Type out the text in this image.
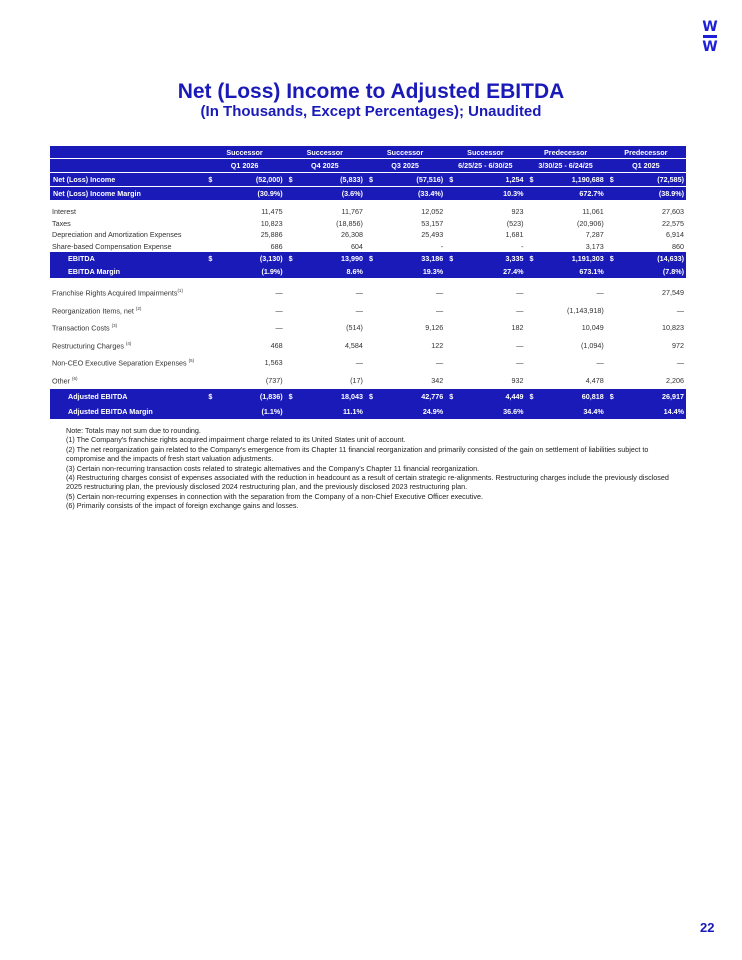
W
W
Net (Loss) Income to Adjusted EBITDA
(In Thousands, Except Percentages); Unaudited
	Successor		Successor		Successor		Successor		Predecessor		Predecessor	
	Q1 2026		Q4 2025		Q3 2025		6/25/25 - 6/30/25		3/30/25 - 6/24/25		Q1 2025	
Net (Loss) Income	$	(52,000)	$	(5,833)	$	(57,516)	$	1,254	$	1,190,688	$	(72,585)
Net (Loss) Income Margin		(30.9%)		(3.6%)		(33.4%)		10.3%		672.7%		(38.9%)

Interest		11,475		11,767		12,052		923		11,061		27,603
Taxes		10,823		(18,856)		53,157		(523)		(20,906)		22,575
Depreciation and Amortization Expenses		25,886		26,308		25,493		1,681		7,287		6,914
Share-based Compensation Expense		686		604		-		-		3,173		860
EBITDA	$	(3,130)	$	13,990	$	33,186	$	3,335	$	1,191,303	$	(14,633)
EBITDA Margin		(1.9%)		8.6%		19.3%		27.4%		673.1%		(7.8%)

Franchise Rights Acquired Impairments$^{(1)}$		—		—		—		—		—		27,549
Reorganization Items, net $^{(2)}$		—		—		—		—		(1,143,918)		—
Transaction Costs $^{(3)}$		—		(514)		9,126		182		10,049		10,823
Restructuring Charges $^{(4)}$		468		4,584		122		—		(1,094)		972
Non-CEO Executive Separation Expenses $^{(5)}$		1,563		—		—		—		—		—
Other $^{(6)}$		(737)		(17)		342		932		4,478		2,206
Adjusted EBITDA	$	(1,836)	$	18,043	$	42,776	$	4,449	$	60,818	$	26,917
Adjusted EBITDA Margin		(1.1%)		11.1%		24.9%		36.6%		34.4%		14.4%
Note: Totals may not sum due to rounding.
(1) The Company's franchise rights acquired impairment charge related to its United States unit of account.
(2) The net reorganization gain related to the Company's emergence from its Chapter 11 financial reorganization and primarily consisted of the gain on settlement of liabilities subject to compromise and the impacts of fresh start valuation adjustments.
(3) Certain non-recurring transaction costs related to strategic alternatives and the Company's Chapter 11 financial reorganization.
(4) Restructuring charges consist of expenses associated with the reduction in headcount as a result of certain strategic re-alignments. Restructuring charges include the previously disclosed 2025 restructuring plan, the previously disclosed 2024 restructuring plan, and the previously disclosed 2023 restructuring plan.
(5) Certain non-recurring expenses in connection with the separation from the Company of a non-Chief Executive Officer executive.
(6) Primarily consists of the impact of foreign exchange gains and losses.
22
